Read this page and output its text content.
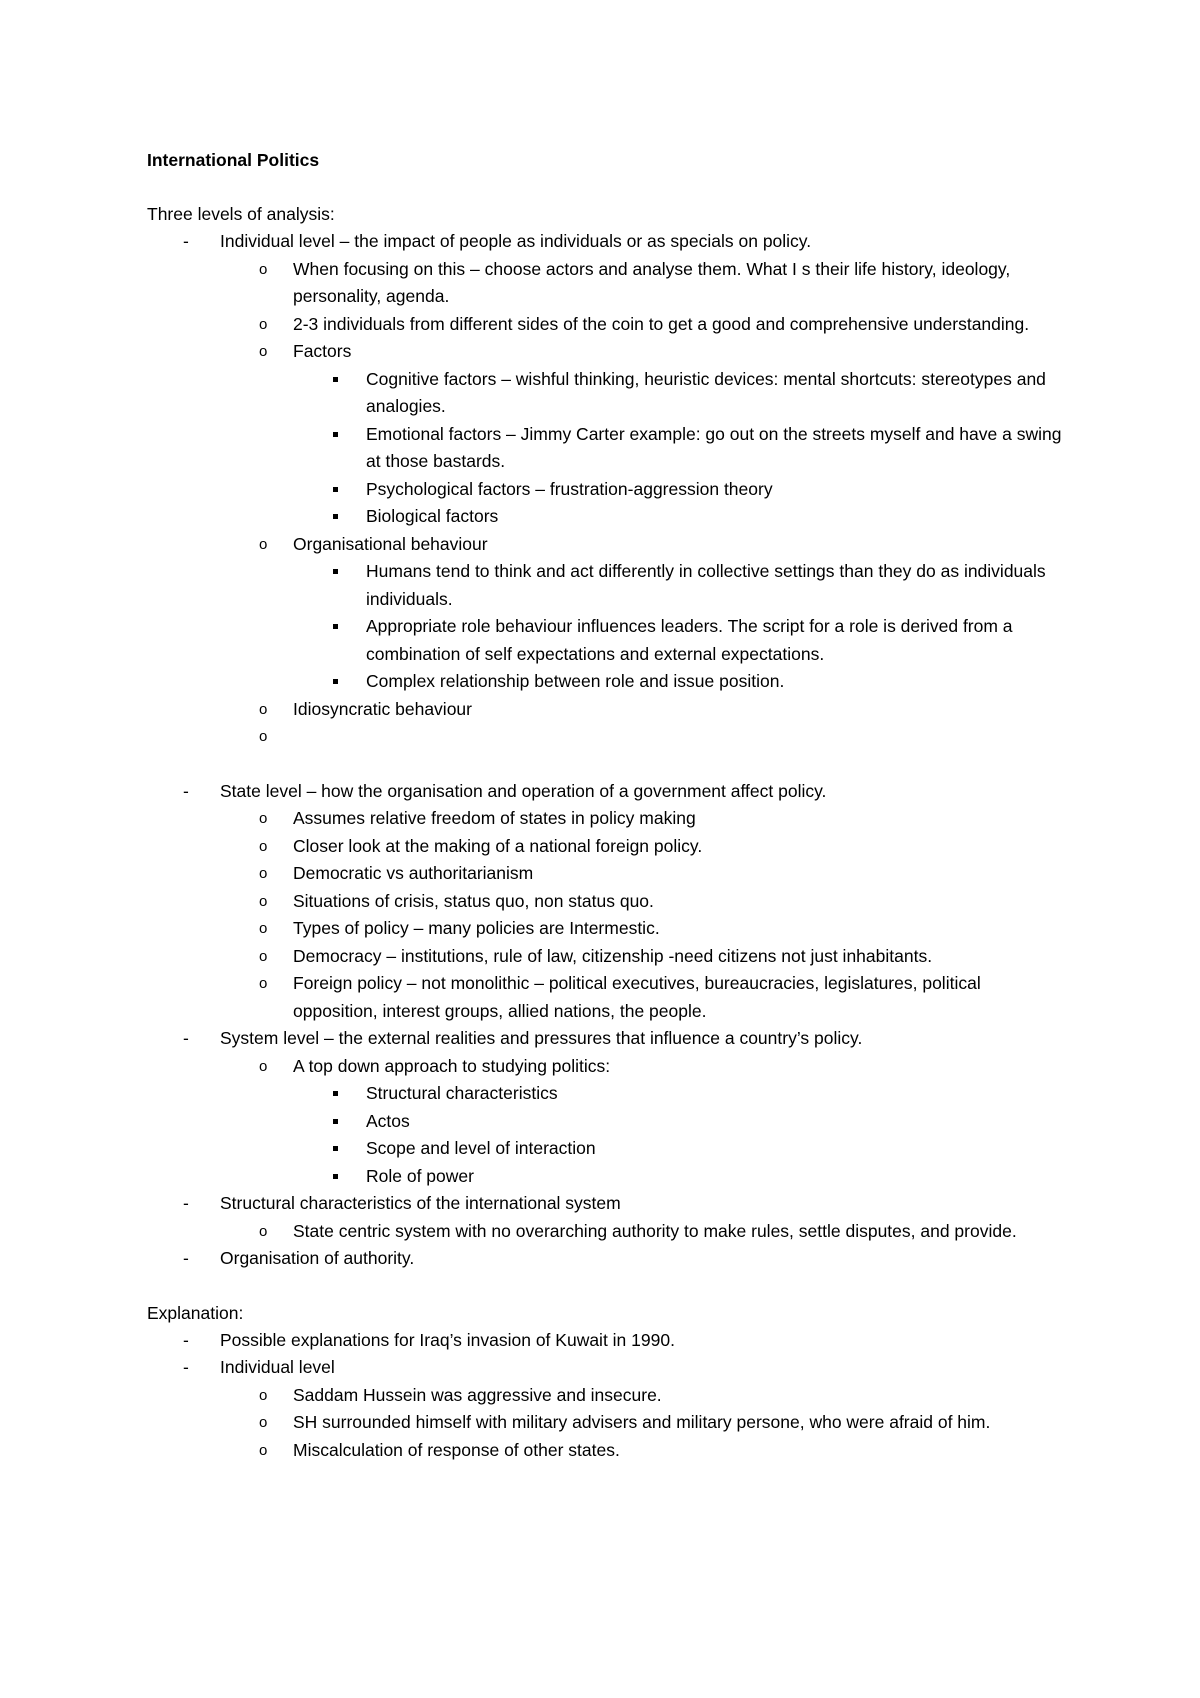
International Politics
Three levels of analysis:
-	Individual level – the impact of people as individuals or as specials on policy.
o	When focusing on this – choose actors and analyse them. What I s their life history, ideology, personality, agenda.
o	2-3 individuals from different sides of the coin to get a good and comprehensive understanding.
o	Factors
Cognitive factors – wishful thinking, heuristic devices: mental shortcuts: stereotypes and analogies.
Emotional factors – Jimmy Carter example: go out on the streets myself and have a swing at those bastards.
Psychological factors – frustration-aggression theory
Biological factors
o	Organisational behaviour
Humans tend to think and act differently in collective settings than they do as individuals individuals.
Appropriate role behaviour influences leaders. The script for a role is derived from a combination of self expectations and external expectations.
Complex relationship between role and issue position.
o	Idiosyncratic behaviour
o
-	State level – how the organisation and operation of a government affect policy.
o	Assumes relative freedom of states in policy making
o	Closer look at the making of a national foreign policy.
o	Democratic vs authoritarianism
o	Situations of crisis, status quo, non status quo.
o	Types of policy – many policies are Intermestic.
o	Democracy – institutions, rule of law, citizenship -need citizens not just inhabitants.
o	Foreign policy – not monolithic – political executives, bureaucracies, legislatures, political opposition, interest groups, allied nations, the people.
-	System level – the external realities and pressures that influence a country’s policy.
o	A top down approach to studying politics:
Structural characteristics
Actos
Scope and level of interaction
Role of power
-	Structural characteristics of the international system
o	State centric system with no overarching authority to make rules, settle disputes, and provide.
-	Organisation of authority.
Explanation:
-	Possible explanations for Iraq’s invasion of Kuwait in 1990.
-	Individual level
o	Saddam Hussein was aggressive and insecure.
o	SH surrounded himself with military advisers and military persone, who were afraid of him.
o	Miscalculation of response of other states.
